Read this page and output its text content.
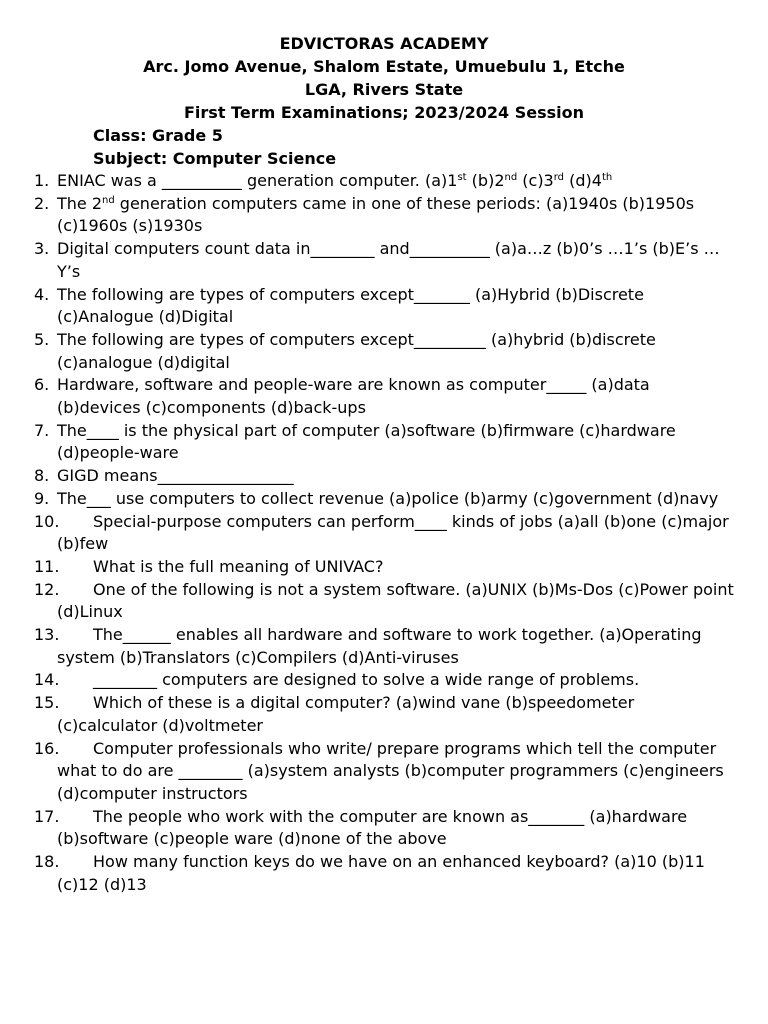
EDVICTORAS ACADEMY
Arc. Jomo Avenue, Shalom Estate, Umuebulu 1, Etche
LGA, Rivers State
First Term Examinations; 2023/2024 Session
Class: Grade 5
Subject: Computer Science
1. ENIAC was a __________ generation computer. (a)1st (b)2nd (c)3rd (d)4th
2. The 2nd generation computers came in one of these periods: (a)1940s (b)1950s (c)1960s (s)1930s
3. Digital computers count data in________ and__________ (a)a…z (b)0’s …1’s (b)E’s … Y’s
4. The following are types of computers except_______ (a)Hybrid (b)Discrete (c)Analogue (d)Digital
5. The following are types of computers except_________ (a)hybrid (b)discrete (c)analogue (d)digital
6. Hardware, software and people-ware are known as computer_____ (a)data (b)devices (c)components (d)back-ups
7. The____ is the physical part of computer (a)software (b)firmware (c)hardware (d)people-ware
8. GIGD means_________________
9. The___ use computers to collect revenue (a)police (b)army (c)government (d)navy
10. Special-purpose computers can perform____ kinds of jobs (a)all (b)one (c)major (b)few
11. What is the full meaning of UNIVAC?
12. One of the following is not a system software. (a)UNIX (b)Ms-Dos (c)Power point (d)Linux
13. The______ enables all hardware and software to work together. (a)Operating system (b)Translators (c)Compilers (d)Anti-viruses
14. ________ computers are designed to solve a wide range of problems.
15. Which of these is a digital computer? (a)wind vane (b)speedometer (c)calculator (d)voltmeter
16. Computer professionals who write/ prepare programs which tell the computer what to do are ________ (a)system analysts (b)computer programmers (c)engineers (d)computer instructors
17. The people who work with the computer are known as_______ (a)hardware (b)software (c)people ware (d)none of the above
18. How many function keys do we have on an enhanced keyboard? (a)10 (b)11 (c)12 (d)13
